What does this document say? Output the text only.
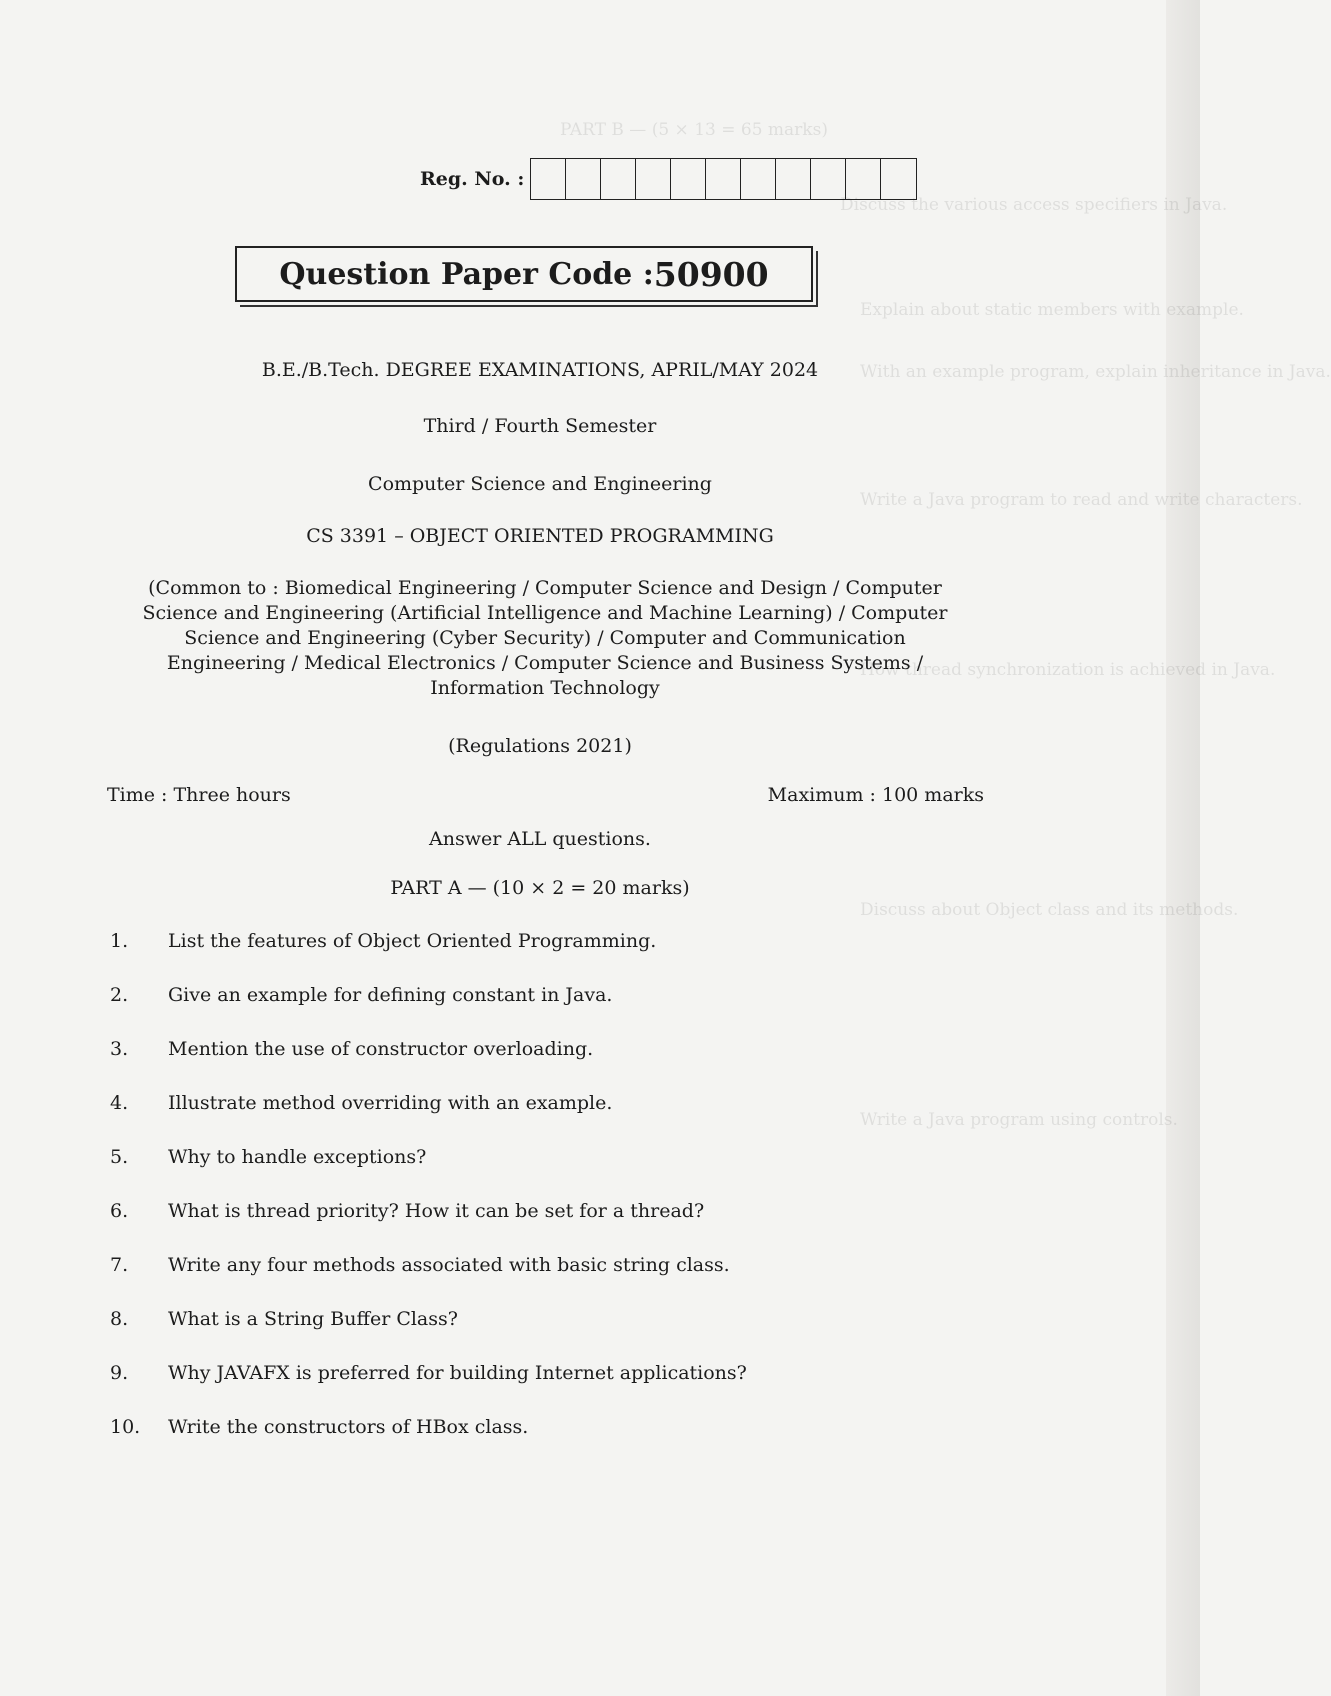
PART B — (5 × 13 = 65 marks)
Discuss the various access specifiers in Java.
Explain about static members with example.
With an example program, explain inheritance in Java.
Write a Java program to read and write characters.
How thread synchronization is achieved in Java.
Discuss about Object class and its methods.
Write a Java program using controls.
Reg. No. :
Question Paper Code : 50900
B.E./B.Tech. DEGREE EXAMINATIONS, APRIL/MAY 2024
Third / Fourth Semester
Computer Science and Engineering
CS 3391 – OBJECT ORIENTED PROGRAMMING
(Common to : Biomedical Engineering / Computer Science and Design / Computer
Science and Engineering (Artificial Intelligence and Machine Learning) / Computer
Science and Engineering (Cyber Security) / Computer and Communication
Engineering / Medical Electronics / Computer Science and Business Systems /
Information Technology
(Regulations 2021)
Time : Three hours	Maximum : 100 marks
Answer ALL questions.
PART A — (10 × 2 = 20 marks)
1.	List the features of Object Oriented Programming.
2.	Give an example for defining constant in Java.
3.	Mention the use of constructor overloading.
4.	Illustrate method overriding with an example.
5.	Why to handle exceptions?
6.	What is thread priority? How it can be set for a thread?
7.	Write any four methods associated with basic string class.
8.	What is a String Buffer Class?
9.	Why JAVAFX is preferred for building Internet applications?
10.	Write the constructors of HBox class.
